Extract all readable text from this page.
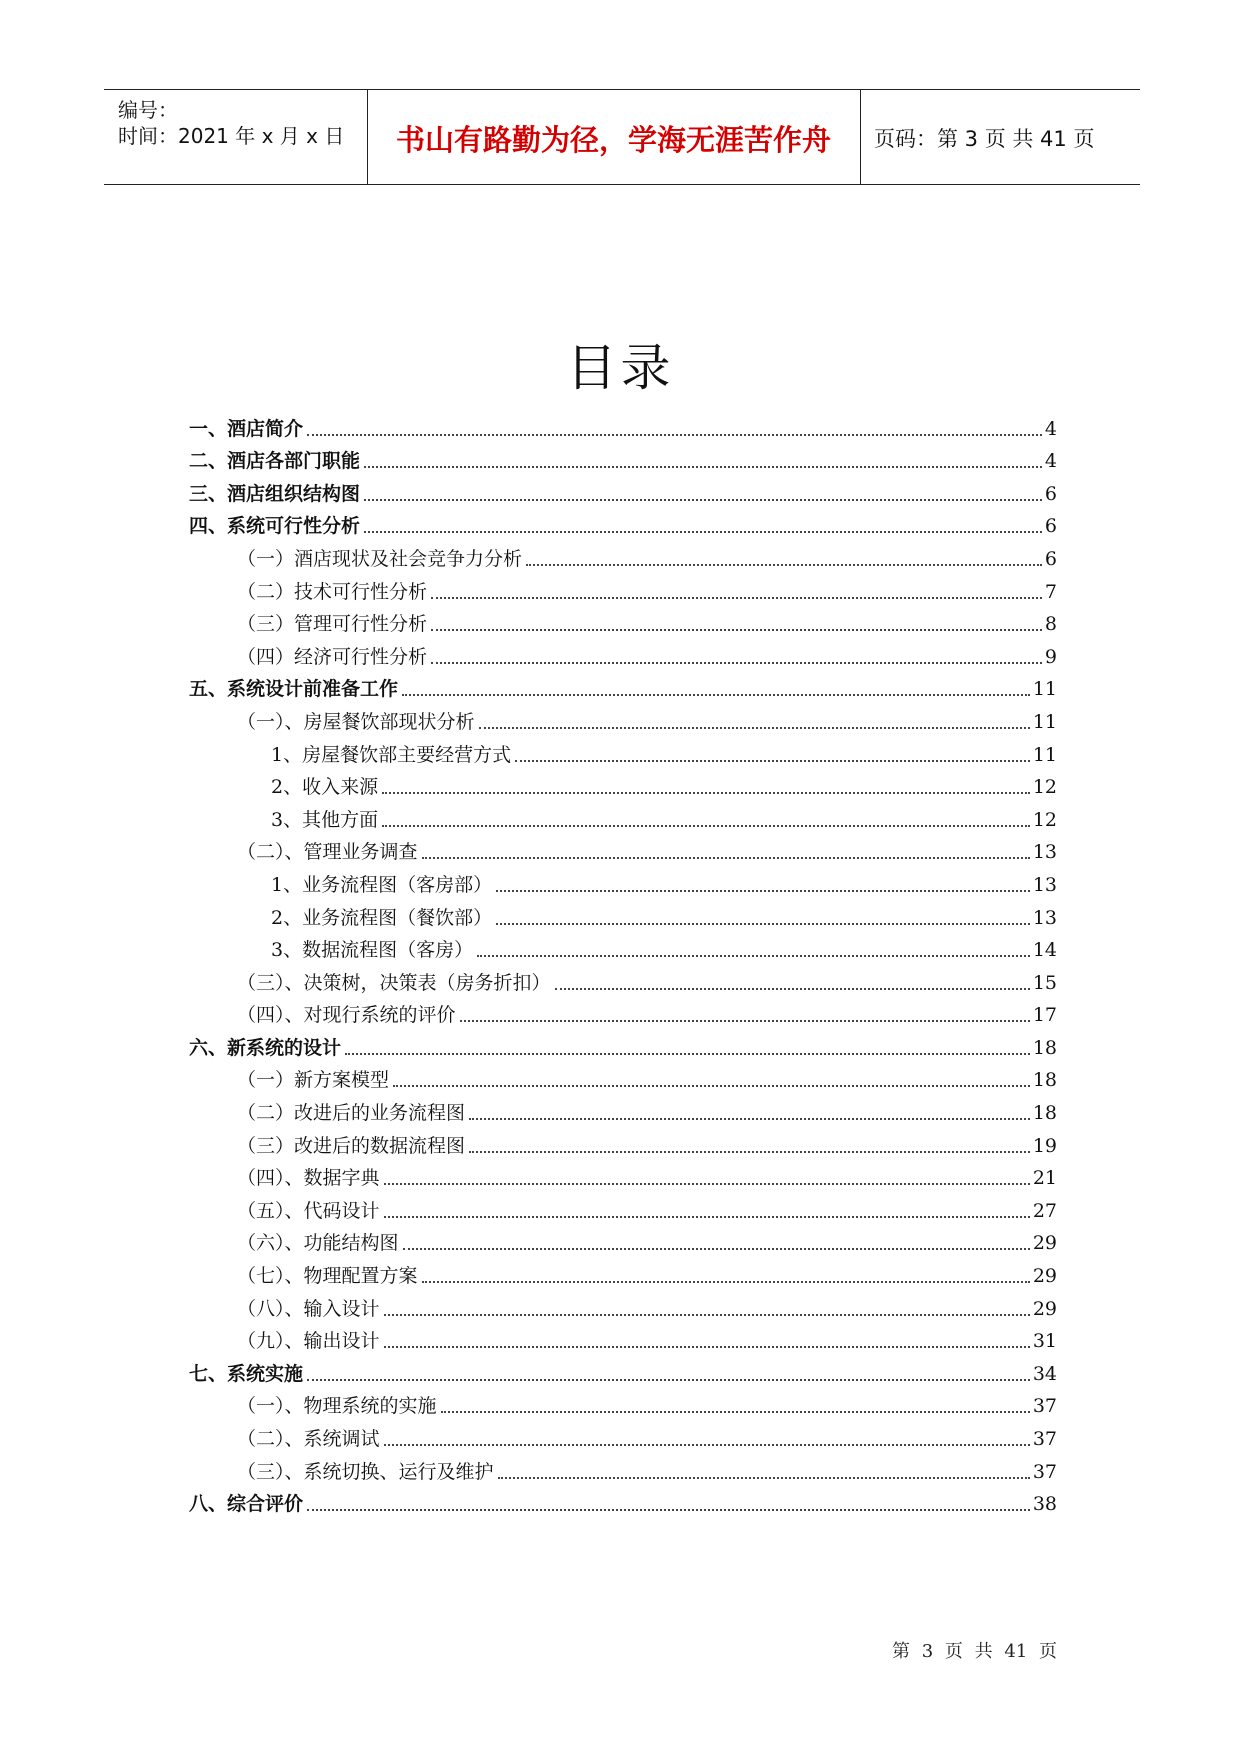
编号：
时间：2021 年 x 月 x 日	书山有路勤为径，学海无涯苦作舟	页码：第 3 页 共 41 页
目录
一、酒店简介	4
二、酒店各部门职能	4
三、酒店组织结构图	6
四、系统可行性分析	6
（一）酒店现状及社会竞争力分析	6
（二）技术可行性分析	7
（三）管理可行性分析	8
（四）经济可行性分析	9
五、系统设计前准备工作	11
（一）、房屋餐饮部现状分析	11
1、房屋餐饮部主要经营方式	11
2、收入来源	12
3、其他方面	12
（二）、管理业务调查	13
1、业务流程图（客房部）	13
2、业务流程图（餐饮部）	13
3、数据流程图（客房）	14
（三）、决策树，决策表（房务折扣）	15
（四）、对现行系统的评价	17
六、新系统的设计	18
（一）新方案模型	18
（二）改进后的业务流程图	18
（三）改进后的数据流程图	19
（四）、数据字典	21
（五）、代码设计	27
（六）、功能结构图	29
（七）、物理配置方案	29
（八）、输入设计	29
（九）、输出设计	31
七、系统实施	34
（一）、物理系统的实施	37
（二）、系统调试	37
（三）、系统切换、运行及维护	37
八、综合评价	38
第 3 页 共 41 页
